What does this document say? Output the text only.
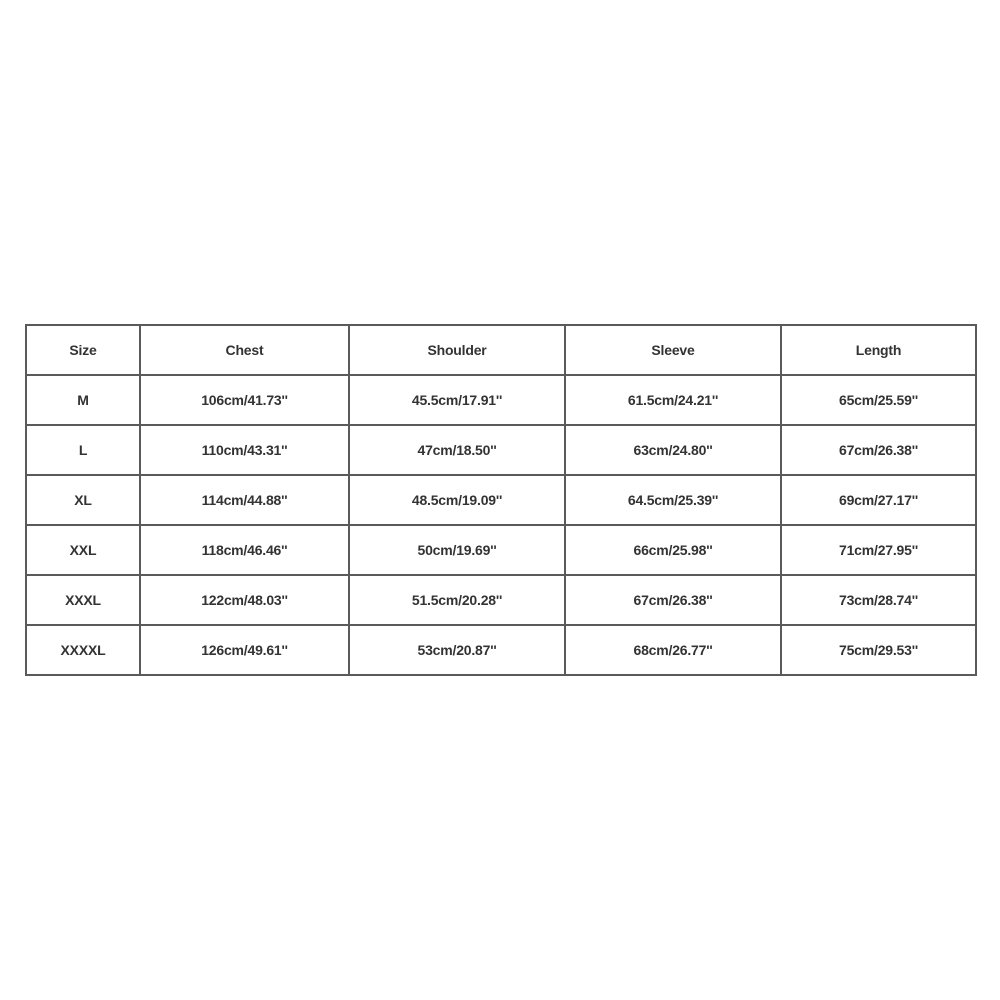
Size	Chest	Shoulder	Sleeve	Length
M	106cm/41.73''	45.5cm/17.91''	61.5cm/24.21''	65cm/25.59''
L	110cm/43.31''	47cm/18.50''	63cm/24.80''	67cm/26.38''
XL	114cm/44.88''	48.5cm/19.09''	64.5cm/25.39''	69cm/27.17''
XXL	118cm/46.46''	50cm/19.69''	66cm/25.98''	71cm/27.95''
XXXL	122cm/48.03''	51.5cm/20.28''	67cm/26.38''	73cm/28.74''
XXXXL	126cm/49.61''	53cm/20.87''	68cm/26.77''	75cm/29.53''
